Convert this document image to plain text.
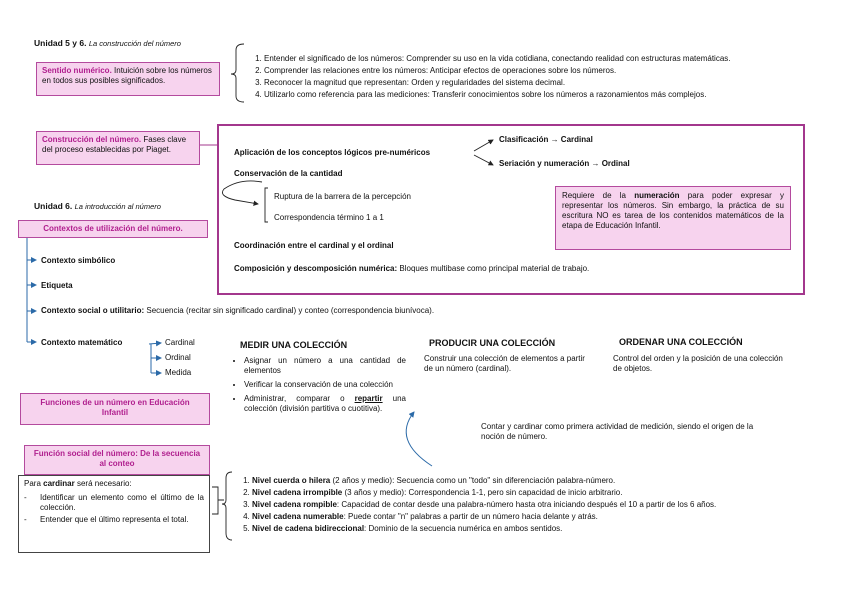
Unidad 5 y 6. La construcción del número
Sentido numérico. Intuición sobre los números en todos sus posibles significados.
1. Entender el significado de los números: Comprender su uso en la vida cotidiana, conectando realidad con estructuras matemáticas.
2. Comprender las relaciones entre los números: Anticipar efectos de operaciones sobre los números.
3. Reconocer la magnitud que representan: Orden y regularidades del sistema decimal.
4. Utilizarlo como referencia para las mediciones: Transferir conocimientos sobre los números a razonamientos más complejos.
Construcción del número. Fases clave del proceso establecidas por Piaget.	Aplicación de los conceptos lógicos pre-numéricos
Clasificación → Cardinal
Seriación y numeración → Ordinal
Conservación de la cantidad
Ruptura de la barrera de la percepción
Correspondencia término 1 a 1
Requiere de la numeración para poder expresar y representar los números. Sin embargo, la práctica de su escritura NO es tarea de los contenidos matemáticos de la etapa de Educación Infantil.
Coordinación entre el cardinal y el ordinal
Composición y descomposición numérica: Bloques multibase como principal material de trabajo.
Unidad 6. La introducción al número
Contextos de utilización del número.
Contexto simbólico
Etiqueta
Contexto social o utilitario: Secuencia (recitar sin significado cardinal) y conteo (correspondencia biunívoca).
Contexto matemático	Cardinal
Ordinal
Medida
MEDIR UNA COLECCIÓN
• Asignar un número a una cantidad de elementos
• Verificar la conservación de una colección
• Administrar, comparar o repartir una colección (división partitiva o cuotitiva).
PRODUCIR UNA COLECCIÓN
Construir una colección de elementos a partir de un número (cardinal).
ORDENAR UNA COLECCIÓN
Control del orden y la posición de una colección de objetos.
Funciones de un número en Educación Infantil
Contar y cardinar como primera actividad de medición, siendo el origen de la noción de número.
Función social del número: De la secuencia al conteo
Para cardinar será necesario:
-	Identificar un elemento como el último de la colección.
-	Entender que el último representa el total.
1. Nivel cuerda o hilera (2 años y medio): Secuencia como un "todo" sin diferenciación palabra-número.
2. Nivel cadena irrompible (3 años y medio): Correspondencia 1-1, pero sin capacidad de inicio arbitrario.
3. Nivel cadena rompible: Capacidad de contar desde una palabra-número hasta otra iniciando después el 10 a partir de los 6 años.
4. Nivel cadena numerable: Puede contar "n" palabras a partir de un número hacia delante y atrás.
5. Nivel de cadena bidireccional: Dominio de la secuencia numérica en ambos sentidos.
